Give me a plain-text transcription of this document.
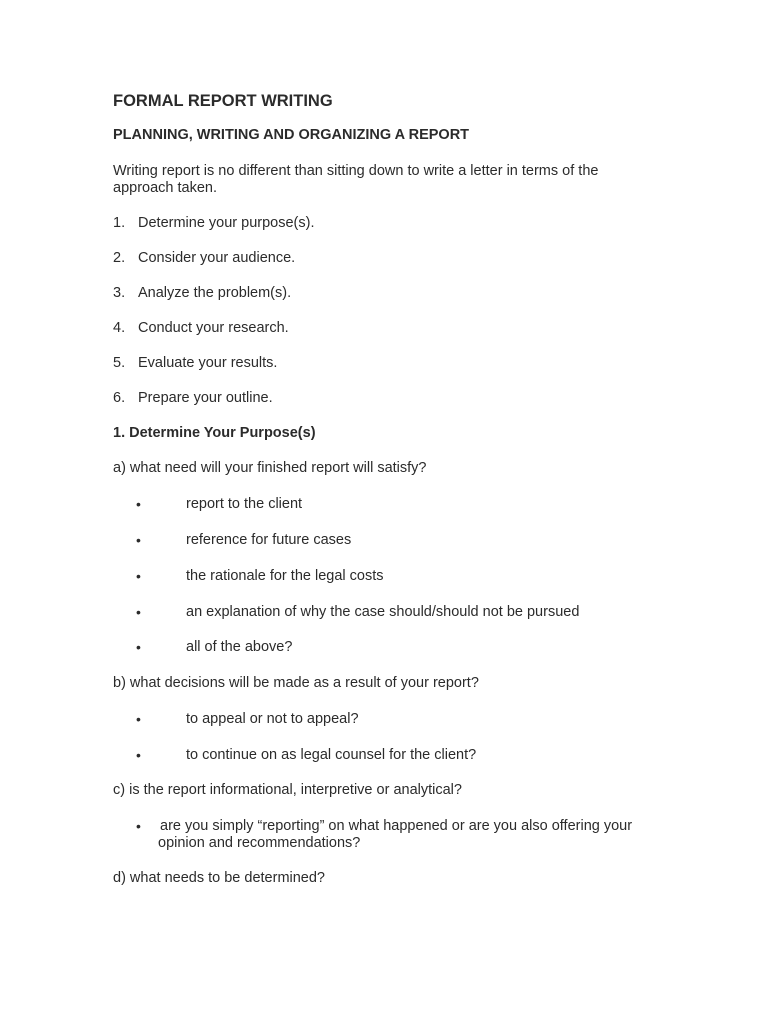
FORMAL REPORT WRITING
PLANNING, WRITING AND ORGANIZING A REPORT
Writing report is no different than sitting down to write a letter in terms of the
approach taken.
1. Determine your purpose(s).
2. Consider your audience.
3. Analyze the problem(s).
4. Conduct your research.
5. Evaluate your results.
6. Prepare your outline.
1. Determine Your Purpose(s)
a) what need will your finished report will satisfy?
•	report to the client
•	reference for future cases
•	the rationale for the legal costs
•	an explanation of why the case should/should not be pursued
•	all of the above?
b) what decisions will be made as a result of your report?
•	to appeal or not to appeal?
•	to continue on as legal counsel for the client?
c) is the report informational, interpretive or analytical?
• are you simply “reporting” on what happened or are you also offering your
opinion and recommendations?
d) what needs to be determined?
